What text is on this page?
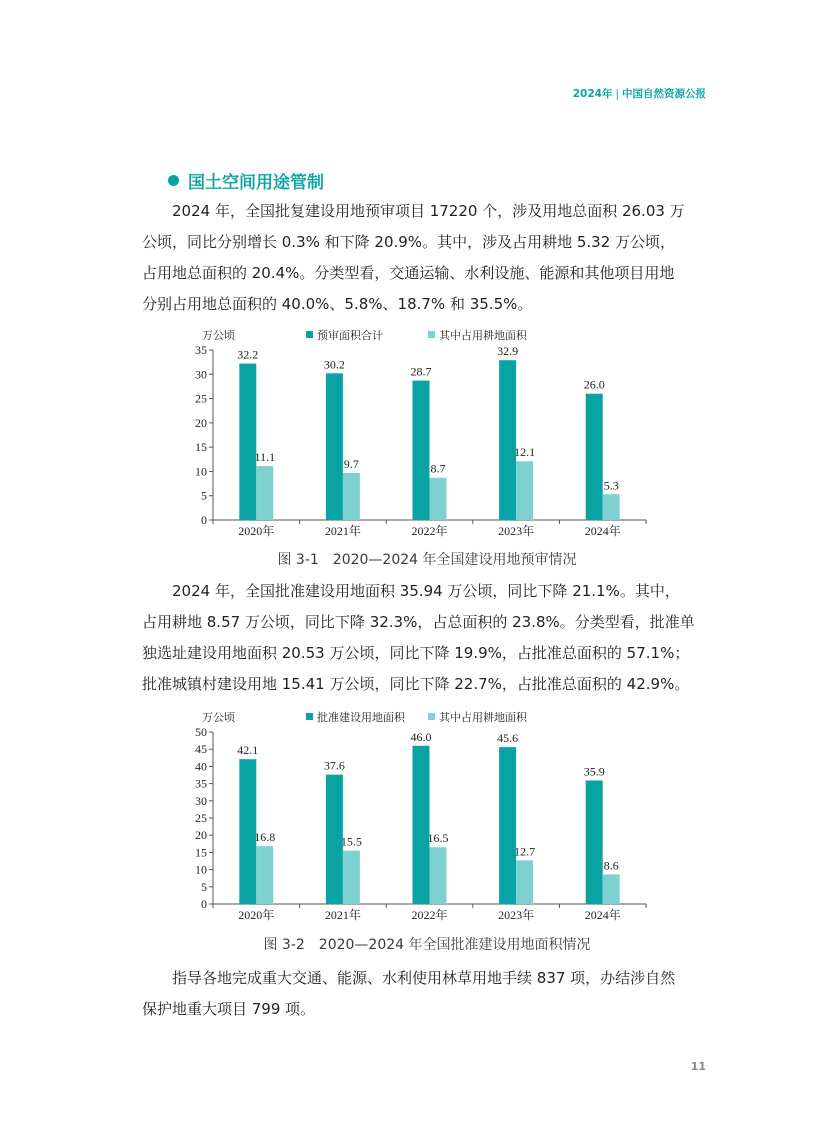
2024年 | 中国自然资源公报
国土空间用途管制
2024 年，全国批复建设用地预审项目 17220 个，涉及用地总面积 26.03 万
公顷，同比分别增长 0.3% 和下降 20.9%。其中，涉及占用耕地 5.32 万公顷，
占用地总面积的 20.4%。分类型看，交通运输、水利设施、能源和其他项目用地
分别占用地总面积的 40.0%、5.8%、18.7% 和 35.5%。
万公顷	预审面积合计	其中占用耕地面积
0
5
10
15
20
25
30
35
2020年
32.2
11.1
2021年
30.2
9.7
2022年
28.7
8.7
2023年
32.9
12.1
2024年
26.0
5.3
图 3-1　2020—2024 年全国建设用地预审情况
2024 年，全国批准建设用地面积 35.94 万公顷，同比下降 21.1%。其中，
占用耕地 8.57 万公顷，同比下降 32.3%，占总面积的 23.8%。分类型看，批准单
独选址建设用地面积 20.53 万公顷，同比下降 19.9%，占批准总面积的 57.1%；
批准城镇村建设用地 15.41 万公顷，同比下降 22.7%，占批准总面积的 42.9%。
万公顷	批准建设用地面积	其中占用耕地面积
0
5
10
15
20
25
30
35
40
45
50
2020年
42.1
16.8
2021年
37.6
15.5
2022年
46.0
16.5
2023年
45.6
12.7
2024年
35.9
8.6
图 3-2　2020—2024 年全国批准建设用地面积情况
指导各地完成重大交通、能源、水利使用林草用地手续 837 项，办结涉自然
保护地重大项目 799 项。
11
